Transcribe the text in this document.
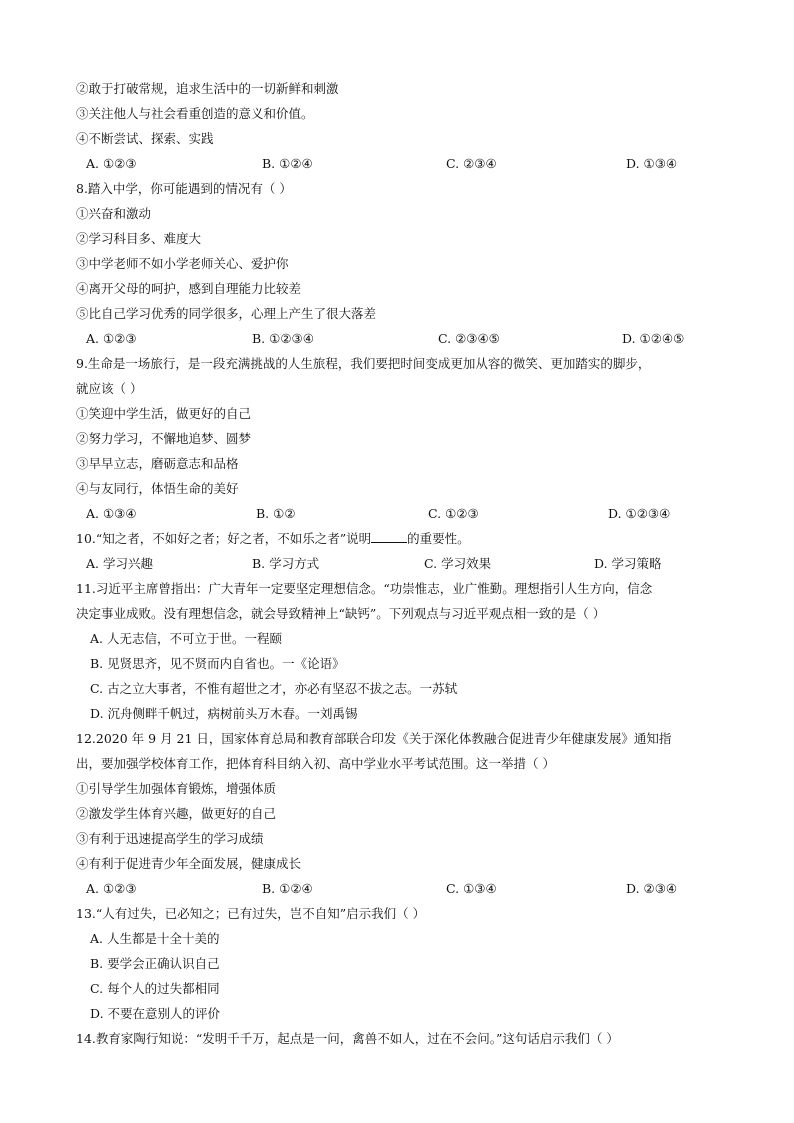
②敢于打破常规，追求生活中的一切新鲜和刺激
③关注他人与社会看重创造的意义和价值。
④不断尝试、探索、实践
A. ①②③	B. ①②④	C. ②③④	D. ①③④
8.踏入中学，你可能遇到的情况有（ ）
①兴奋和激动
②学习科目多、难度大
③中学老师不如小学老师关心、爱护你
④离开父母的呵护，感到自理能力比较差
⑤比自己学习优秀的同学很多，心理上产生了很大落差
A. ①②③	B. ①②③④	C. ②③④⑤	D. ①②④⑤
9.生命是一场旅行，是一段充满挑战的人生旅程，我们要把时间变成更加从容的微笑、更加踏实的脚步，
就应该（ ）
①笑迎中学生活，做更好的自己
②努力学习，不懈地追梦、圆梦
③早早立志，磨砺意志和品格
④与友同行，体悟生命的美好
A. ①③④	B. ①②	C. ①②③	D. ①②③④
10.“知之者，不如好之者；好之者，不如乐之者”说明	的重要性。
A. 学习兴趣	B. 学习方式	C. 学习效果	D. 学习策略
11.习近平主席曾指出：广大青年一定要坚定理想信念。“功崇惟志，业广惟勤。理想指引人生方向，信念
决定事业成败。没有理想信念，就会导致精神上“缺钙”。下列观点与习近平观点相一致的是（ ）
A. 人无志信，不可立于世。一程颐
B. 见贤思齐，见不贤而内自省也。一《论语》
C. 古之立大事者，不惟有超世之才，亦必有坚忍不拔之志。一苏轼
D. 沉舟侧畔千帆过，病树前头万木春。一刘禹锡
12.2020 年 9 月 21 日，国家体育总局和教育部联合印发《关于深化体教融合促进青少年健康发展》通知指
出，要加强学校体育工作，把体育科目纳入初、高中学业水平考试范围。这一举措（ ）
①引导学生加强体育锻炼，增强体质
②激发学生体育兴趣，做更好的自己
③有利于迅速提高学生的学习成绩
④有利于促进青少年全面发展，健康成长
A. ①②③	B. ①②④	C. ①③④	D. ②③④
13.“人有过失，已必知之；已有过失，岂不自知”启示我们（ ）
A. 人生都是十全十美的
B. 要学会正确认识自己
C. 每个人的过失都相同
D. 不要在意别人的评价
14.教育家陶行知说：“发明千千万，起点是一问，禽兽不如人，过在不会问。”这句话启示我们（ ）
